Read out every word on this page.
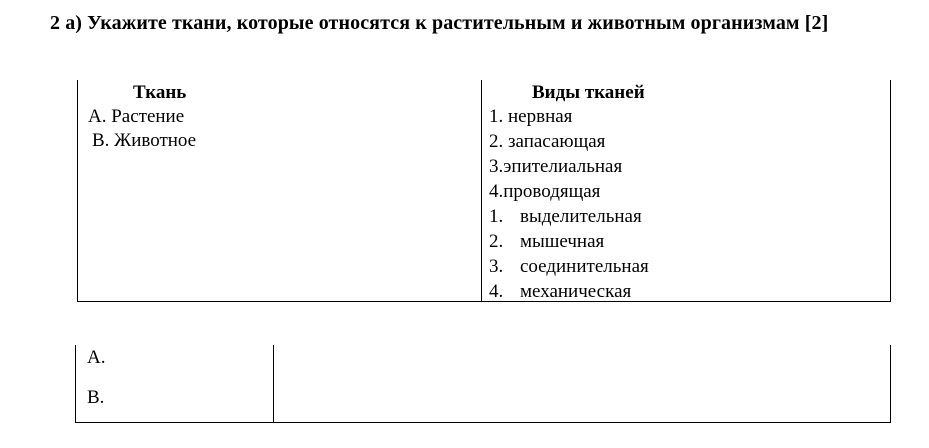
2 а) Укажите ткани, которые относятся к растительным и животным организмам [2]
Ткань	Виды тканей
А. Растение
В. Животное
1. нервная
2. запасающая
3.эпителиальная
4.проводящая
1. выделительная
2. мышечная
3. соединительная
4. механическая
А.
В.
